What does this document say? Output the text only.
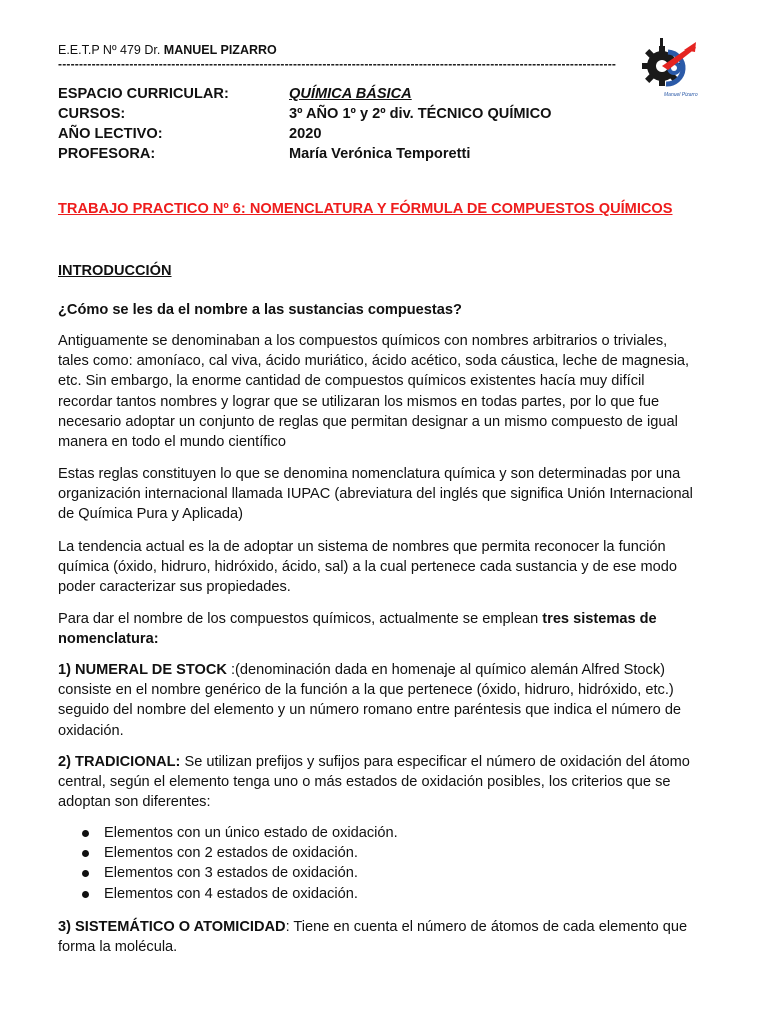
E.E.T.P Nº 479 Dr. MANUEL PIZARRO
-------------------------------------------------------------------------------------------------------------------------------------
Manuel Pizarro
ESPACIO CURRICULAR:	QUÍMICA BÁSICA
CURSOS:	3º AÑO 1º y 2º div. TÉCNICO QUÍMICO
AÑO LECTIVO:	2020
PROFESORA:	María Verónica Temporetti
TRABAJO PRACTICO Nº 6: NOMENCLATURA Y FÓRMULA DE COMPUESTOS QUÍMICOS
INTRODUCCIÓN
¿Cómo se les da el nombre a las sustancias compuestas?
Antiguamente se denominaban a los compuestos químicos con nombres arbitrarios o triviales, tales como: amoníaco, cal viva, ácido muriático, ácido acético, soda cáustica, leche de magnesia, etc. Sin embargo, la enorme cantidad de compuestos químicos existentes hacía muy difícil recordar tantos nombres y lograr que se utilizaran los mismos en todas partes, por lo que fue necesario adoptar un conjunto de reglas que permitan designar a un mismo compuesto de igual manera en todo el mundo científico
Estas reglas constituyen lo que se denomina nomenclatura química y son determinadas por una organización internacional llamada IUPAC (abreviatura del inglés que significa Unión Internacional de Química Pura y Aplicada)
La tendencia actual es la de adoptar un sistema de nombres que permita reconocer la función química (óxido, hidruro, hidróxido, ácido, sal) a la cual pertenece cada sustancia y de ese modo poder caracterizar sus propiedades.
Para dar el nombre de los compuestos químicos, actualmente se emplean tres sistemas de nomenclatura:
1) NUMERAL DE STOCK :(denominación dada en homenaje al químico alemán Alfred Stock) consiste en el nombre genérico de la función a la que pertenece (óxido, hidruro, hidróxido, etc.) seguido del nombre del elemento y un número romano entre paréntesis que indica el número de oxidación.
2) TRADICIONAL: Se utilizan prefijos y sufijos para especificar el número de oxidación del átomo central, según el elemento tenga uno o más estados de oxidación posibles, los criterios que se adoptan son diferentes:
Elementos con un único estado de oxidación.
Elementos con 2 estados de oxidación.
Elementos con 3 estados de oxidación.
Elementos con 4 estados de oxidación.
3) SISTEMÁTICO O ATOMICIDAD: Tiene en cuenta el número de átomos de cada elemento que forma la molécula.
